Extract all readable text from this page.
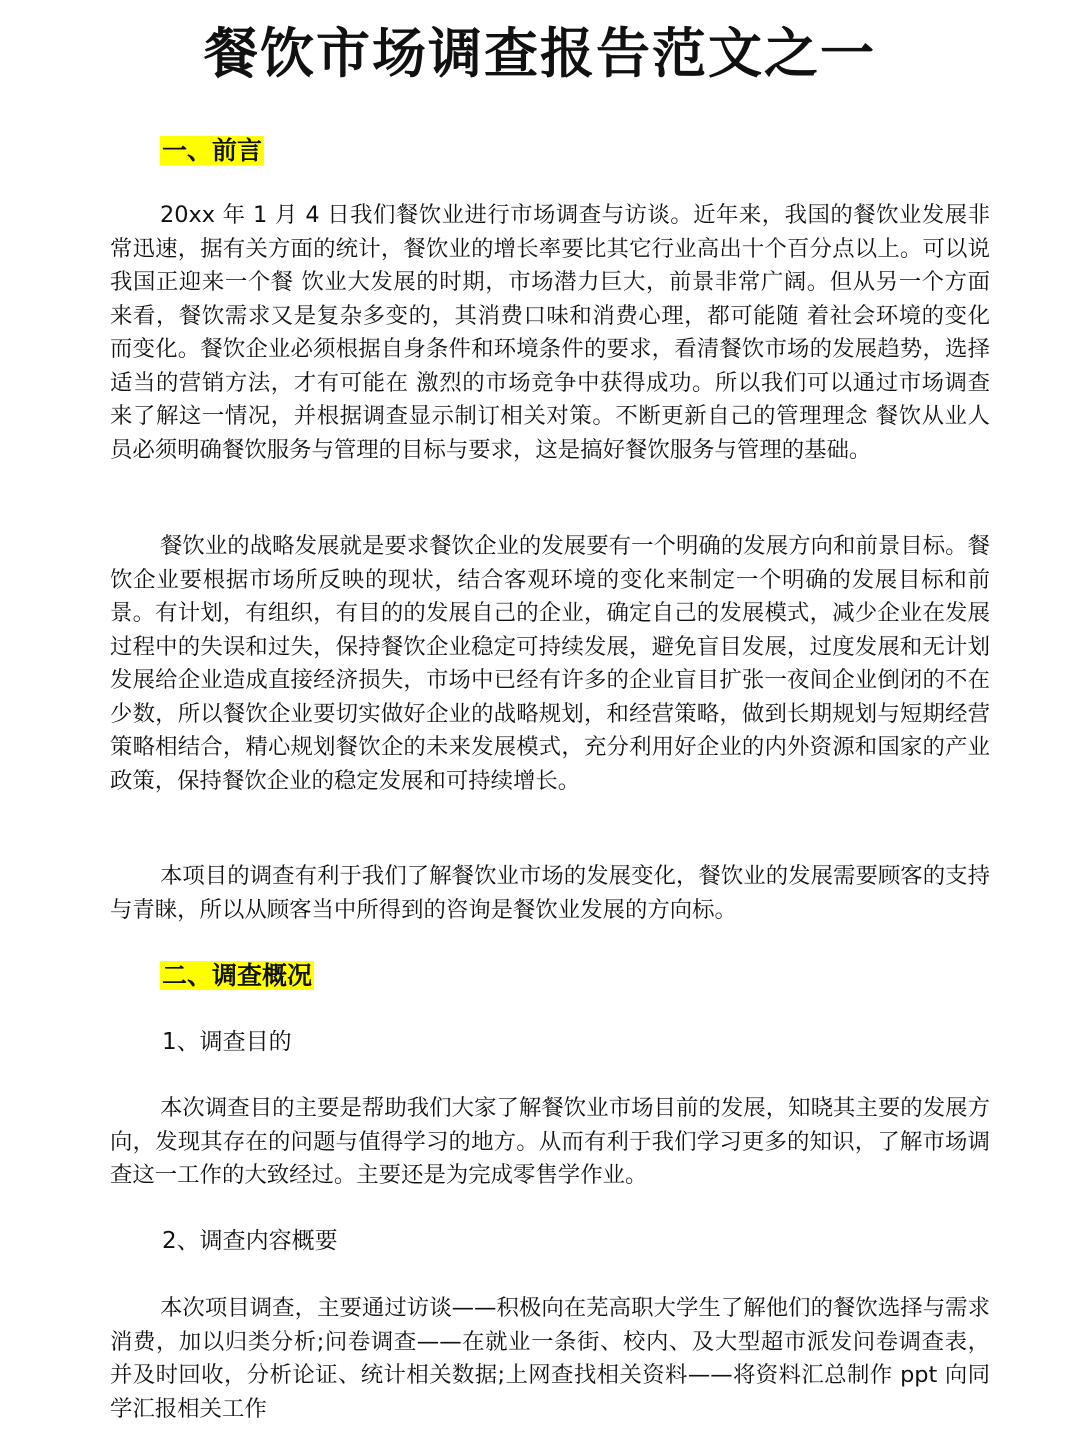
餐饮市场调查报告范文之一
一、前言

20xx 年 1 月 4 日我们餐饮业进行市场调查与访谈。近年来，我国的餐饮业发展非常迅速，据有关方面的统计，餐饮业的增长率要比其它行业高出十个百分点以上。可以说我国正迎来一个餐 饮业大发展的时期，市场潜力巨大，前景非常广阔。但从另一个方面来看，餐饮需求又是复杂多变的，其消费口味和消费心理，都可能随 着社会环境的变化而变化。餐饮企业必须根据自身条件和环境条件的要求，看清餐饮市场的发展趋势，选择适当的营销方法，才有可能在 激烈的市场竞争中获得成功。所以我们可以通过市场调查来了解这一情况，并根据调查显示制订相关对策。不断更新自己的管理理念 餐饮从业人员必须明确餐饮服务与管理的目标与要求，这是搞好餐饮服务与管理的基础。

餐饮业的战略发展就是要求餐饮企业的发展要有一个明确的发展方向和前景目标。餐饮企业要根据市场所反映的现状，结合客观环境的变化来制定一个明确的发展目标和前景。有计划，有组织，有目的的发展自己的企业，确定自己的发展模式，减少企业在发展过程中的失误和过失，保持餐饮企业稳定可持续发展，避免盲目发展，过度发展和无计划发展给企业造成直接经济损失，市场中已经有许多的企业盲目扩张一夜间企业倒闭的不在少数，所以餐饮企业要切实做好企业的战略规划，和经营策略，做到长期规划与短期经营策略相结合，精心规划餐饮企的未来发展模式，充分利用好企业的内外资源和国家的产业政策，保持餐饮企业的稳定发展和可持续增长。

本项目的调查有利于我们了解餐饮业市场的发展变化，餐饮业的发展需要顾客的支持与青睐，所以从顾客当中所得到的咨询是餐饮业发展的方向标。

二、调查概况

1、调查目的

本次调查目的主要是帮助我们大家了解餐饮业市场目前的发展，知晓其主要的发展方向，发现其存在的问题与值得学习的地方。从而有利于我们学习更多的知识，了解市场调查这一工作的大致经过。主要还是为完成零售学作业。

2、调查内容概要

本次项目调查，主要通过访谈——积极向在芜高职大学生了解他们的餐饮选择与需求消费，加以归类分析;问卷调查——在就业一条街、校内、及大型超市派发问卷调查表，并及时回收，分析论证、统计相关数据;上网查找相关资料——将资料汇总制作 ppt 向同学汇报相关工作
